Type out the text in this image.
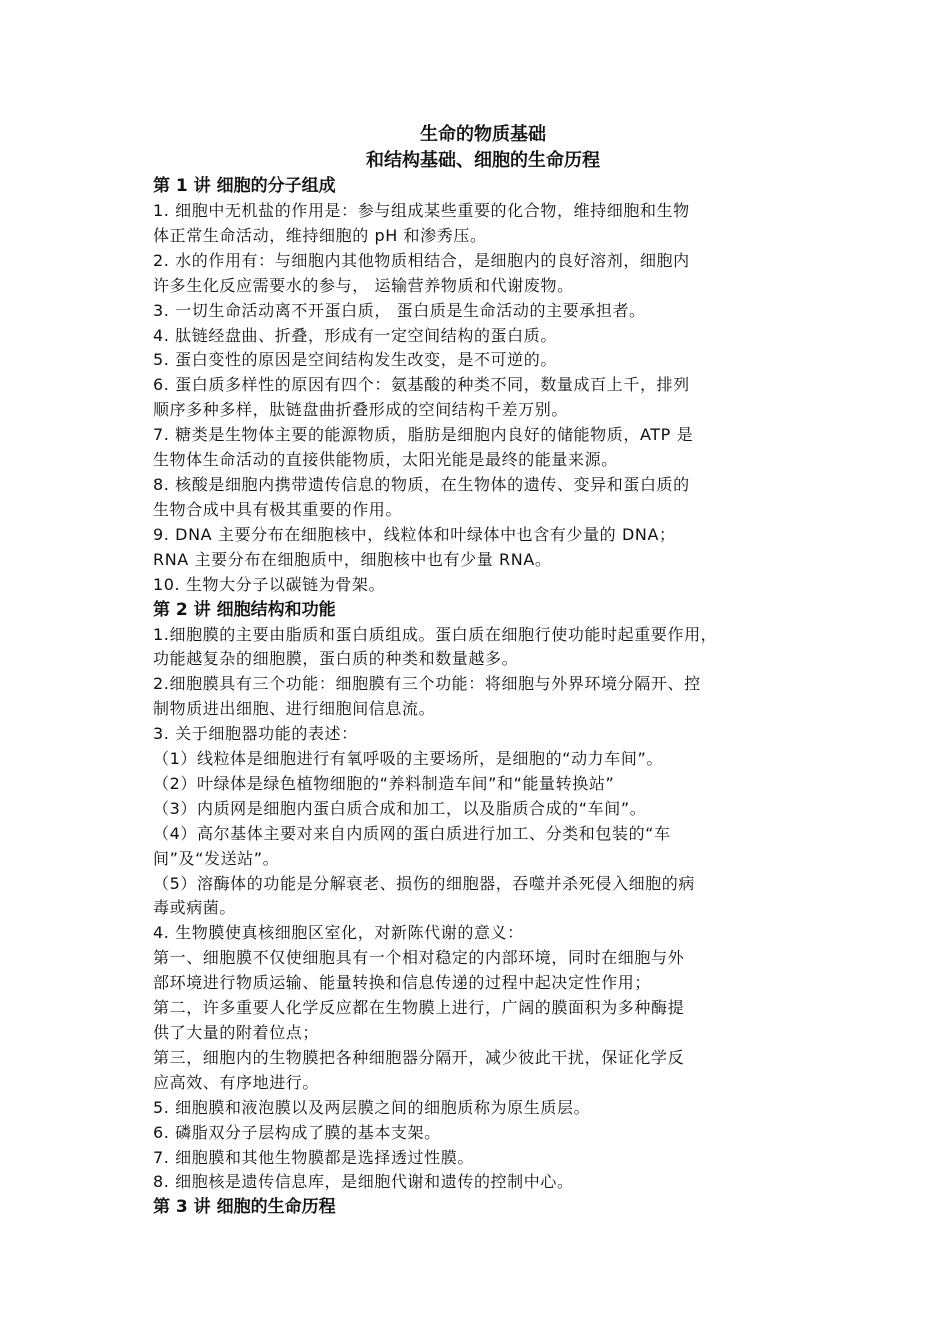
生命的物质基础

和结构基础、细胞的生命历程

第 1 讲 细胞的分子组成

1. 细胞中无机盐的作用是：参与组成某些重要的化合物，维持细胞和生物

体正常生命活动，维持细胞的 pH 和渗秀压。

2. 水的作用有：与细胞内其他物质相结合，是细胞内的良好溶剂，细胞内

许多生化反应需要水的参与， 运输营养物质和代谢废物。

3. 一切生命活动离不开蛋白质， 蛋白质是生命活动的主要承担者。

4. 肽链经盘曲、折叠，形成有一定空间结构的蛋白质。

5. 蛋白变性的原因是空间结构发生改变，是不可逆的。

6. 蛋白质多样性的原因有四个：氨基酸的种类不同，数量成百上千，排列

顺序多种多样，肽链盘曲折叠形成的空间结构千差万别。

7. 糖类是生物体主要的能源物质，脂肪是细胞内良好的储能物质，ATP 是

生物体生命活动的直接供能物质，太阳光能是最终的能量来源。

8. 核酸是细胞内携带遗传信息的物质，在生物体的遗传、变异和蛋白质的

生物合成中具有极其重要的作用。

9. DNA 主要分布在细胞核中，线粒体和叶绿体中也含有少量的 DNA；

RNA 主要分布在细胞质中，细胞核中也有少量 RNA。

10. 生物大分子以碳链为骨架。

第 2 讲 细胞结构和功能

1.细胞膜的主要由脂质和蛋白质组成。蛋白质在细胞行使功能时起重要作用，

功能越复杂的细胞膜，蛋白质的种类和数量越多。

2.细胞膜具有三个功能：细胞膜有三个功能：将细胞与外界环境分隔开、控

制物质进出细胞、进行细胞间信息流。

3. 关于细胞器功能的表述：

（1）线粒体是细胞进行有氧呼吸的主要场所，是细胞的“动力车间”。

（2）叶绿体是绿色植物细胞的“养料制造车间”和“能量转换站”

（3）内质网是细胞内蛋白质合成和加工，以及脂质合成的“车间”。

（4）高尔基体主要对来自内质网的蛋白质进行加工、分类和包装的“车

间”及“发送站”。

（5）溶酶体的功能是分解衰老、损伤的细胞器，吞噬并杀死侵入细胞的病

毒或病菌。

4. 生物膜使真核细胞区室化，对新陈代谢的意义：

第一、细胞膜不仅使细胞具有一个相对稳定的内部环境，同时在细胞与外

部环境进行物质运输、能量转换和信息传递的过程中起决定性作用；

第二，许多重要人化学反应都在生物膜上进行，广阔的膜面积为多种酶提

供了大量的附着位点；

第三，细胞内的生物膜把各种细胞器分隔开，减少彼此干扰，保证化学反

应高效、有序地进行。

5. 细胞膜和液泡膜以及两层膜之间的细胞质称为原生质层。

6. 磷脂双分子层构成了膜的基本支架。

7. 细胞膜和其他生物膜都是选择透过性膜。

8. 细胞核是遗传信息库，是细胞代谢和遗传的控制中心。

第 3 讲 细胞的生命历程
